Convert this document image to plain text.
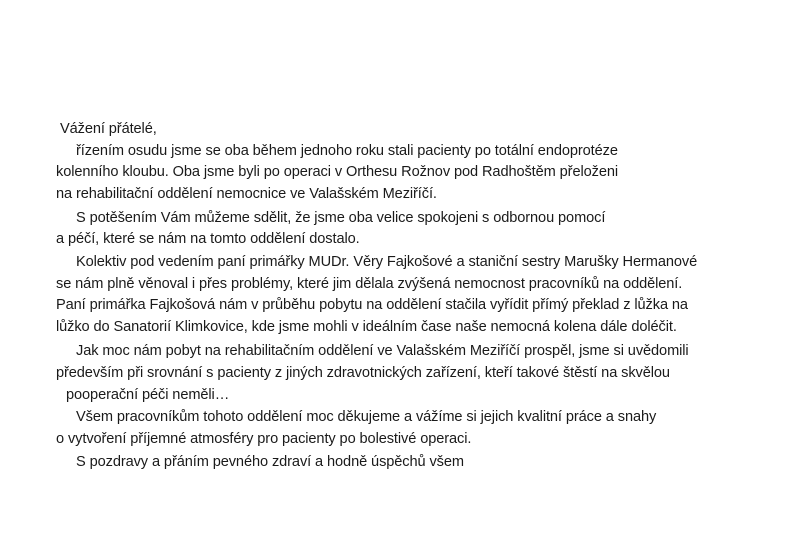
Vážení přátelé,
řízením osudu jsme se oba během jednoho roku stali pacienty po totální endoprotéze
kolenního kloubu. Oba jsme byli po operaci v Orthesu Rožnov pod Radhoštěm přeloženi
na rehabilitační oddělení nemocnice ve Valašském Meziříčí.
S potěšením Vám můžeme sdělit, že jsme oba velice spokojeni s odbornou pomocí
a péčí, které se nám na tomto oddělení dostalo.
Kolektiv pod vedením paní primářky MUDr. Věry Fajkošové a staniční sestry Marušky Hermanové
se nám plně věnoval i přes problémy, které jim dělala zvýšená nemocnost pracovníků na oddělení.
Paní primářka Fajkošová nám v průběhu pobytu na oddělení stačila vyřídit přímý překlad z lůžka na
lůžko do Sanatorií Klimkovice, kde jsme mohli v ideálním čase naše nemocná kolena dále doléčit.
Jak moc nám pobyt na rehabilitačním oddělení ve Valašském Meziříčí prospěl, jsme si uvědomili
především při srovnání s pacienty z jiných zdravotnických zařízení, kteří takové štěstí na skvělou
pooperační péči neměli…
Všem pracovníkům tohoto oddělení moc děkujeme a vážíme si jejich kvalitní práce a snahy
o vytvoření příjemné atmosféry pro pacienty po bolestivé operaci.
S pozdravy a přáním pevného zdraví a hodně úspěchů všem
